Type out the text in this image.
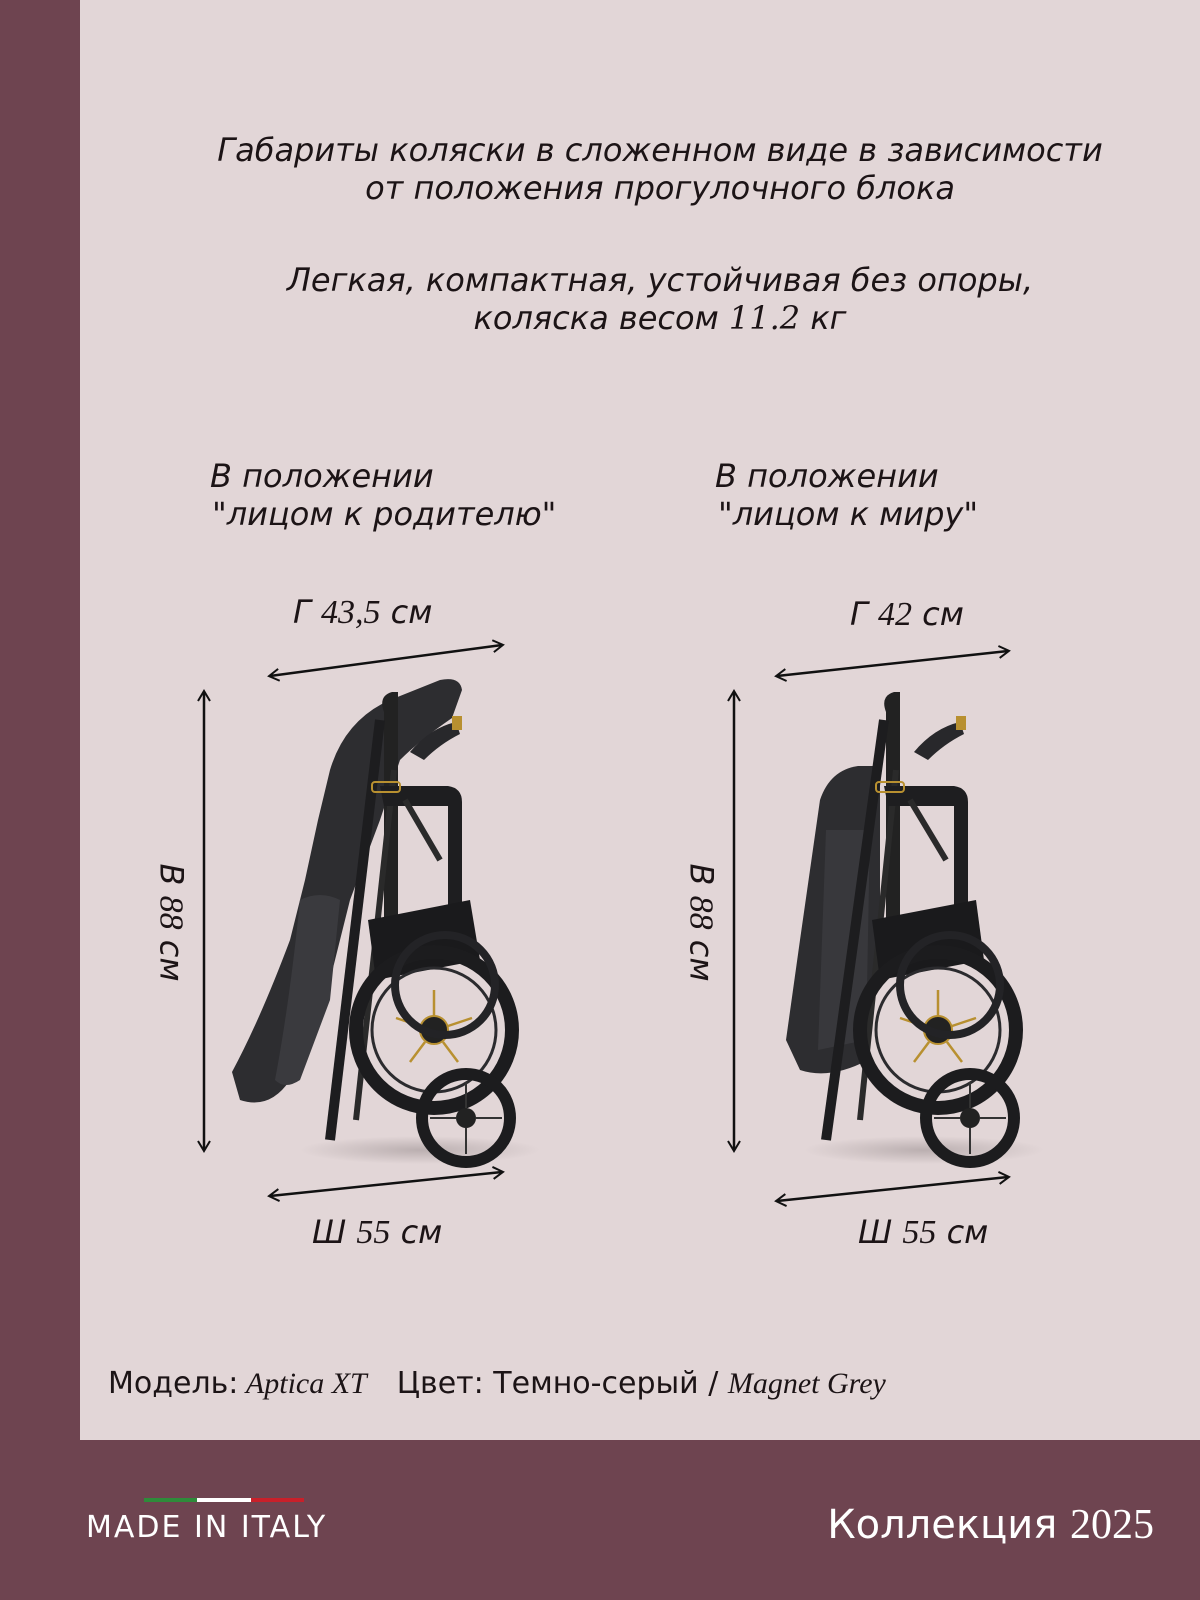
Габариты коляски в сложенном виде в зависимости
от положения прогулочного блока
Легкая, компактная, устойчивая без опоры,
коляска весом 11.2 кг
В положении
"лицом к родителю"
В положении
"лицом к миру"
Г 43,5 см
Ш 55 см
В 88 см
Г 42 см
Ш 55 см
В 88 см
Модель: Aptica XT Цвет: Темно-серый / Magnet Grey
MADE IN ITALY	Коллекция 2025
